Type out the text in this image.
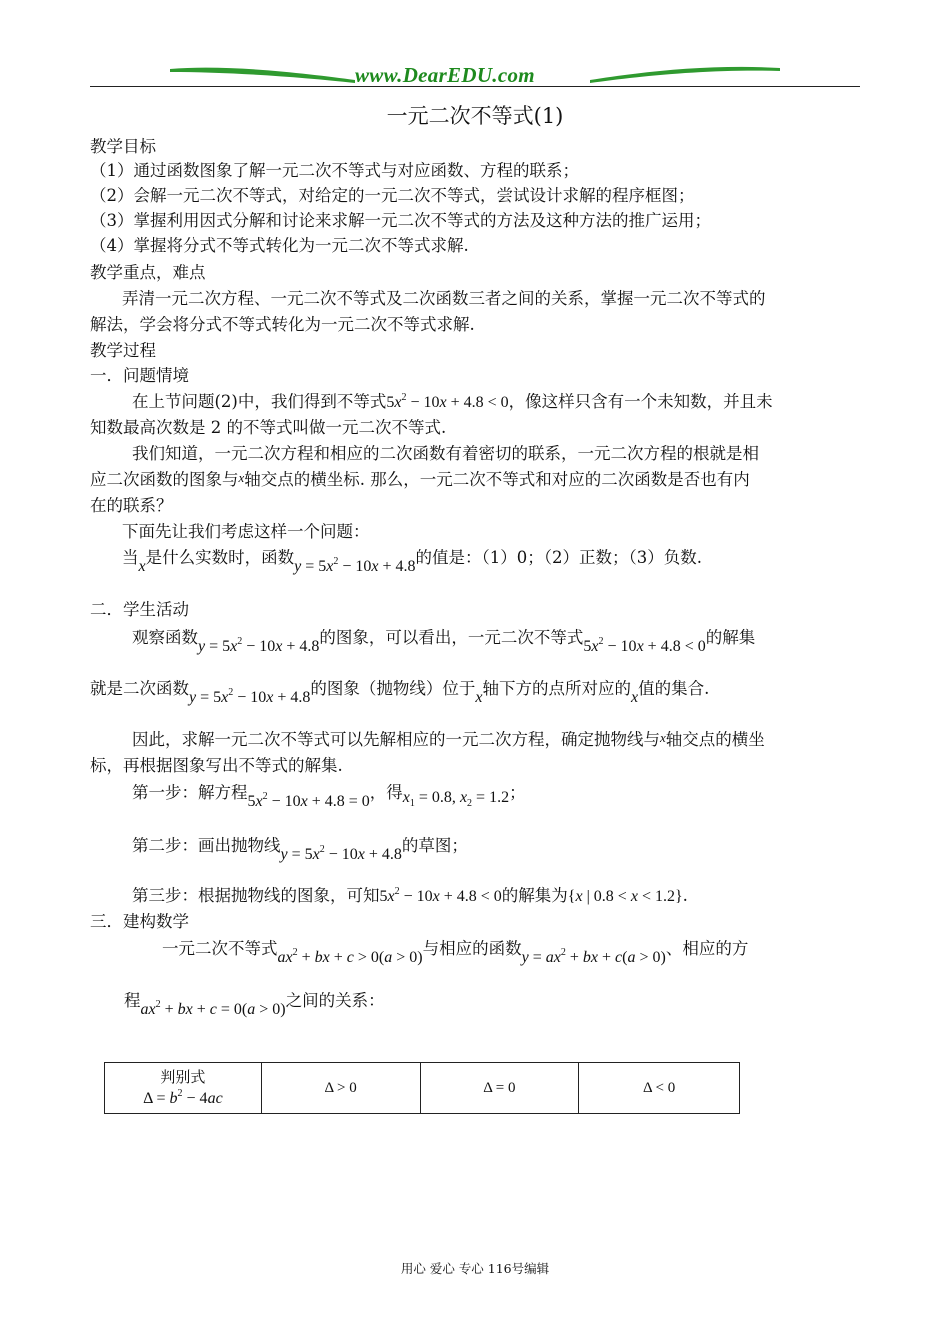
www.DearEDU.com
一元二次不等式(1)
教学目标
（1）通过函数图象了解一元二次不等式与对应函数、方程的联系；
（2）会解一元二次不等式，对给定的一元二次不等式，尝试设计求解的程序框图；
（3）掌握利用因式分解和讨论来求解一元二次不等式的方法及这种方法的推广运用；
（4）掌握将分式不等式转化为一元二次不等式求解.
教学重点，难点
弄清一元二次方程、一元二次不等式及二次函数三者之间的关系，掌握一元二次不等式的
解法，学会将分式不等式转化为一元二次不等式求解.
教学过程
一．问题情境
在上节问题(2)中，我们得到不等式$5x^2 - 10x + 4.8 < 0$，像这样只含有一个未知数，并且未
知数最高次数是 2 的不等式叫做一元二次不等式.
我们知道，一元二次方程和相应的二次函数有着密切的联系，一元二次方程的根就是相
应二次函数的图象与x轴交点的横坐标. 那么，一元二次不等式和对应的二次函数是否也有内
在的联系？
下面先让我们考虑这样一个问题：
当x是什么实数时，函数$y = 5x^2 - 10x + 4.8$的值是：（1）0；（2）正数；（3）负数.
二．学生活动
观察函数$y = 5x^2 - 10x + 4.8$的图象，可以看出，一元二次不等式$5x^2 - 10x + 4.8 < 0$的解集
就是二次函数$y = 5x^2 - 10x + 4.8$的图象（抛物线）位于x轴下方的点所对应的x值的集合.
因此，求解一元二次不等式可以先解相应的一元二次方程，确定抛物线与x轴交点的横坐
标，再根据图象写出不等式的解集.
第一步：解方程$5x^2 - 10x + 4.8 = 0$，得$x_1 = 0.8$, $x_2 = 1.2$；
第二步：画出抛物线$y = 5x^2 - 10x + 4.8$的草图；
第三步：根据抛物线的图象，可知$5x^2 - 10x + 4.8 < 0$的解集为{x | 0.8 < x < 1.2}.
三．建构数学
一元二次不等式$ax^2$ + bx + c > 0(a > 0)与相应的函数$y = ax^2$ + bx + c(a > 0)、相应的方
程$ax^2$ + bx + c = 0(a > 0)之间的关系：
判别式
$\Delta = b^2 - 4ac$
	Δ > 0	Δ = 0	Δ < 0
用心 爱心 专心 116号编辑
